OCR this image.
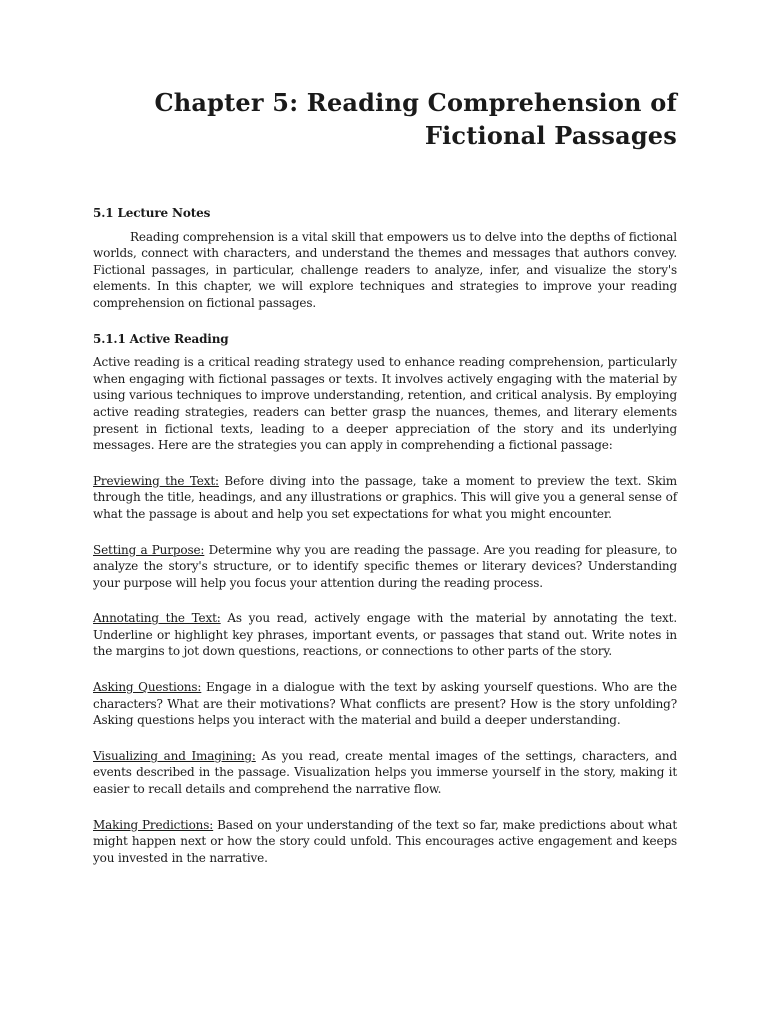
Chapter 5: Reading Comprehension of
Fictional Passages
5.1 Lecture Notes

Reading comprehension is a vital skill that empowers us to delve into the depths of fictional worlds, connect with characters, and understand the themes and messages that authors convey. Fictional passages, in particular, challenge readers to analyze, infer, and visualize the story's elements. In this chapter, we will explore techniques and strategies to improve your reading comprehension on fictional passages.

5.1.1 Active Reading

Active reading is a critical reading strategy used to enhance reading comprehension, particularly when engaging with fictional passages or texts. It involves actively engaging with the material by using various techniques to improve understanding, retention, and critical analysis. By employing active reading strategies, readers can better grasp the nuances, themes, and literary elements present in fictional texts, leading to a deeper appreciation of the story and its underlying messages. Here are the strategies you can apply in comprehending a fictional passage:

Previewing the Text: Before diving into the passage, take a moment to preview the text. Skim through the title, headings, and any illustrations or graphics. This will give you a general sense of what the passage is about and help you set expectations for what you might encounter.

Setting a Purpose: Determine why you are reading the passage. Are you reading for pleasure, to analyze the story's structure, or to identify specific themes or literary devices? Understanding your purpose will help you focus your attention during the reading process.

Annotating the Text: As you read, actively engage with the material by annotating the text. Underline or highlight key phrases, important events, or passages that stand out. Write notes in the margins to jot down questions, reactions, or connections to other parts of the story.

Asking Questions: Engage in a dialogue with the text by asking yourself questions. Who are the characters? What are their motivations? What conflicts are present? How is the story unfolding? Asking questions helps you interact with the material and build a deeper understanding.

Visualizing and Imagining: As you read, create mental images of the settings, characters, and events described in the passage. Visualization helps you immerse yourself in the story, making it easier to recall details and comprehend the narrative flow.

Making Predictions: Based on your understanding of the text so far, make predictions about what might happen next or how the story could unfold. This encourages active engagement and keeps you invested in the narrative.
